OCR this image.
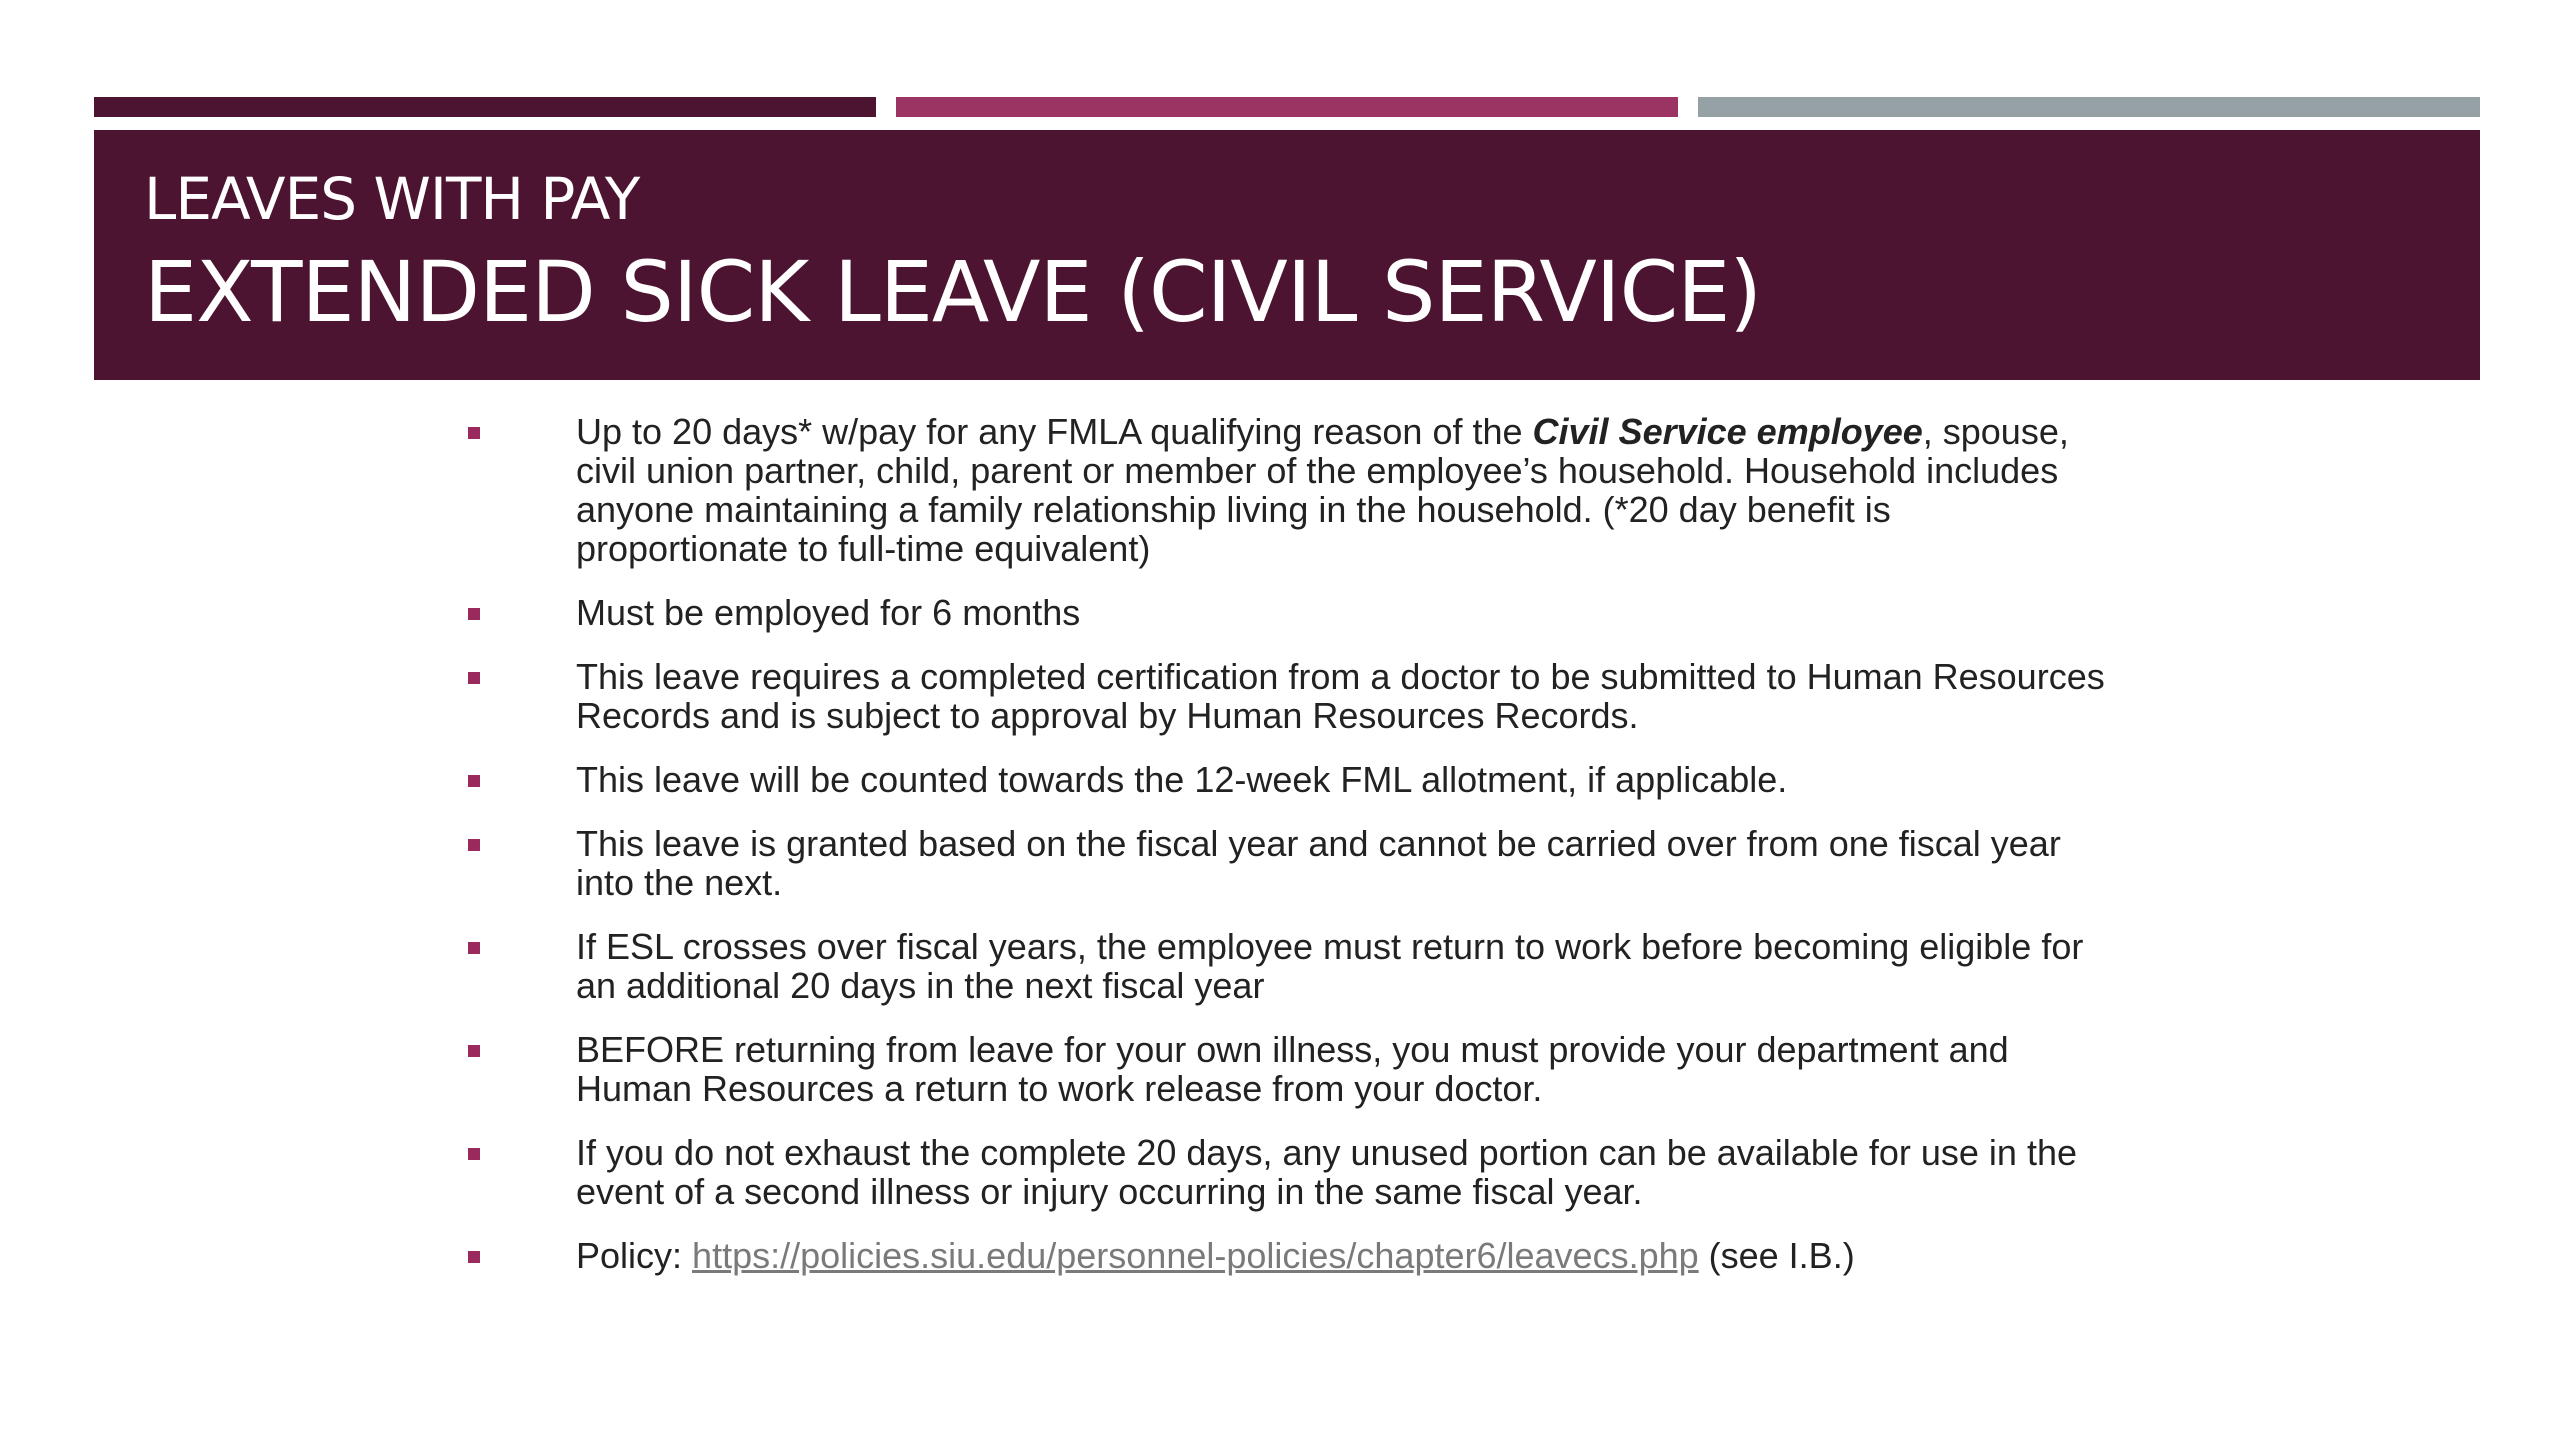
LEAVES WITH PAY
EXTENDED SICK LEAVE (CIVIL SERVICE)
Up to 20 days* w/pay for any FMLA qualifying reason of the Civil Service employee, spouse, civil union partner, child, parent or member of the employee’s household. Household includes anyone maintaining a family relationship living in the household. (*20 day benefit is proportionate to full-time equivalent)
Must be employed for 6 months
This leave requires a completed certification from a doctor to be submitted to Human Resources Records and is subject to approval by Human Resources Records.
This leave will be counted towards the 12-week FML allotment, if applicable.
This leave is granted based on the fiscal year and cannot be carried over from one fiscal year into the next.
If ESL crosses over fiscal years, the employee must return to work before becoming eligible for an additional 20 days in the next fiscal year
BEFORE returning from leave for your own illness, you must provide your department and Human Resources a return to work release from your doctor.
If you do not exhaust the complete 20 days, any unused portion can be available for use in the event of a second illness or injury occurring in the same fiscal year.
Policy: https://policies.siu.edu/personnel-policies/chapter6/leavecs.php (see I.B.)
